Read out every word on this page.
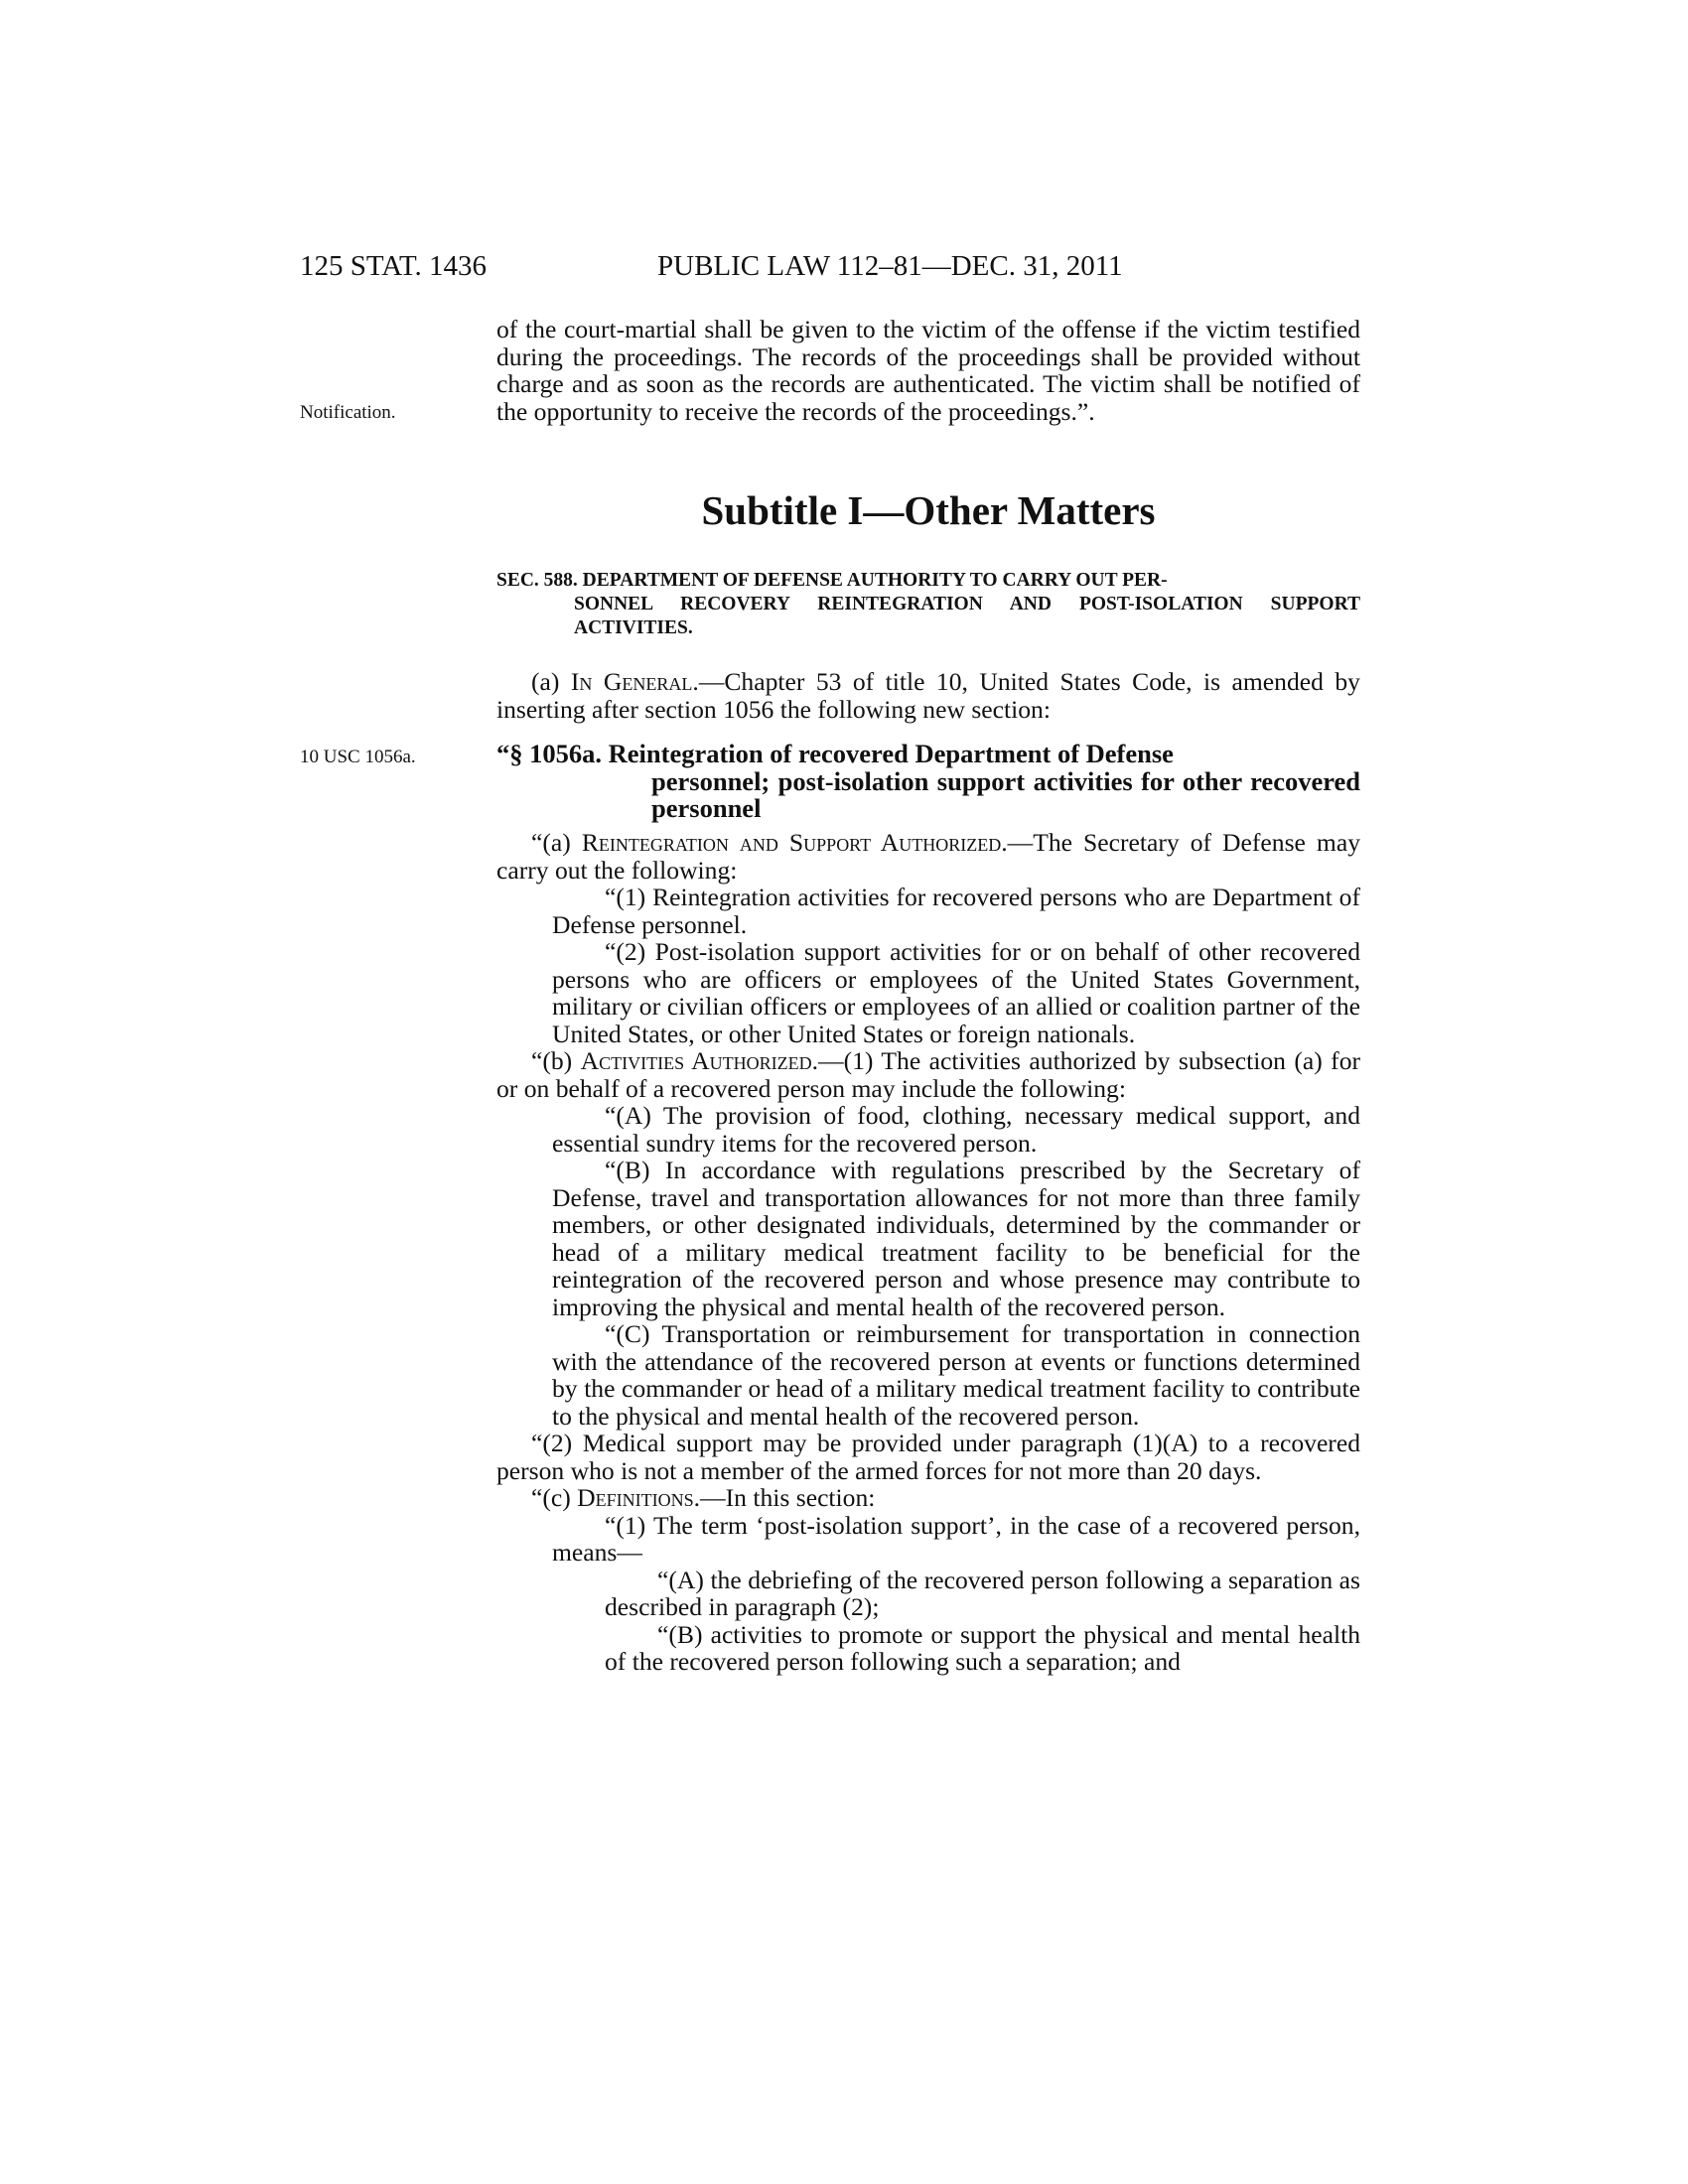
125 STAT. 1436	PUBLIC LAW 112–81—DEC. 31, 2011
Notification.
10 USC 1056a.

of the court-martial shall be given to the victim of the offense if the victim testified during the proceedings. The records of the proceedings shall be provided without charge and as soon as the records are authenticated. The victim shall be notified of the opportunity to receive the records of the proceedings.”.

Subtitle I—Other Matters
SEC. 588. DEPARTMENT OF DEFENSE AUTHORITY TO CARRY OUT PER-
SONNEL RECOVERY REINTEGRATION AND POST-ISOLATION SUPPORT ACTIVITIES.

(a) In General.—Chapter 53 of title 10, United States Code, is amended by inserting after section 1056 the following new section:

“§ 1056a. Reintegration of recovered Department of Defense
personnel; post-isolation support activities for other recovered personnel

“(a) Reintegration and Support Authorized.—The Secretary of Defense may carry out the following:

“(1) Reintegration activities for recovered persons who are Department of Defense personnel.

“(2) Post-isolation support activities for or on behalf of other recovered persons who are officers or employees of the United States Government, military or civilian officers or employees of an allied or coalition partner of the United States, or other United States or foreign nationals.

“(b) Activities Authorized.—(1) The activities authorized by subsection (a) for or on behalf of a recovered person may include the following:

“(A) The provision of food, clothing, necessary medical support, and essential sundry items for the recovered person.

“(B) In accordance with regulations prescribed by the Secretary of Defense, travel and transportation allowances for not more than three family members, or other designated individuals, determined by the commander or head of a military medical treatment facility to be beneficial for the reintegration of the recovered person and whose presence may contribute to improving the physical and mental health of the recovered person.

“(C) Transportation or reimbursement for transportation in connection with the attendance of the recovered person at events or functions determined by the commander or head of a military medical treatment facility to contribute to the physical and mental health of the recovered person.

“(2) Medical support may be provided under paragraph (1)(A) to a recovered person who is not a member of the armed forces for not more than 20 days.

“(c) Definitions.—In this section:

“(1) The term ‘post-isolation support’, in the case of a recovered person, means—

“(A) the debriefing of the recovered person following a separation as described in paragraph (2);

“(B) activities to promote or support the physical and mental health of the recovered person following such a separation; and
